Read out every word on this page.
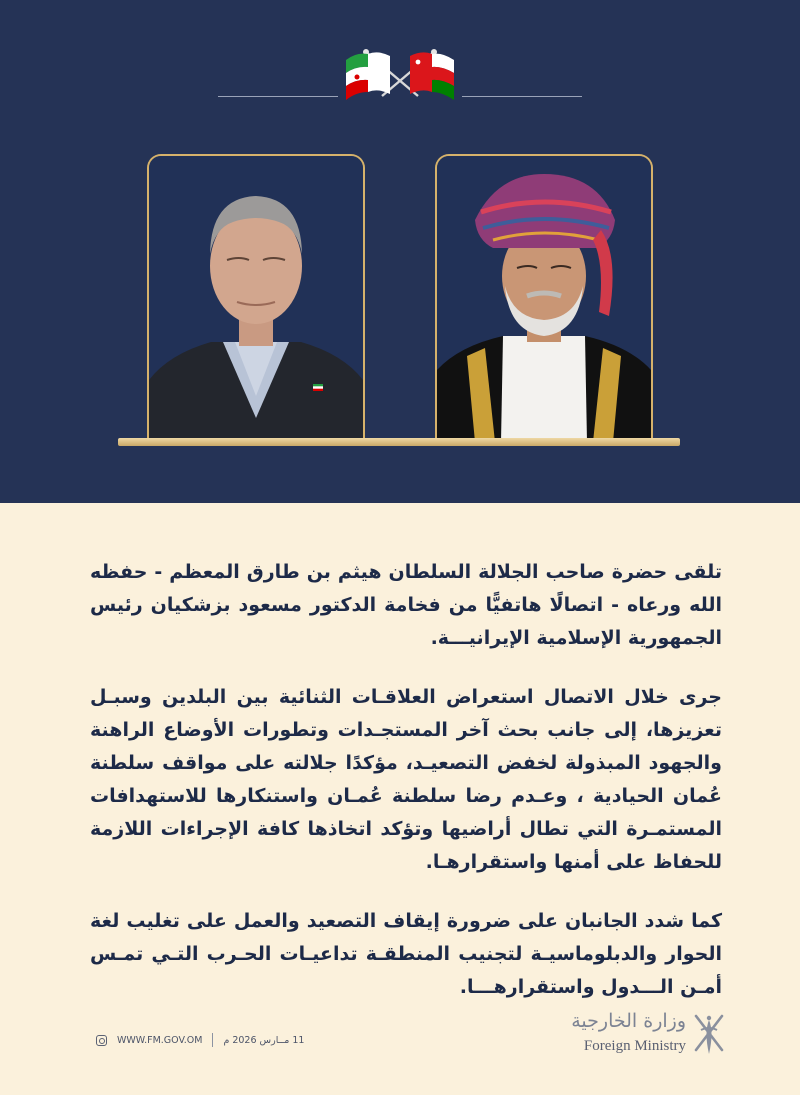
تلقى حضرة صاحب الجلالة السلطان هيثم بن طارق المعظم - حفظه الله ورعاه - اتصالًا هاتفيًّا من فخامة الدكتور مسعود بزشكيان رئيس الجمهورية الإسلامية الإيرانيـــة.

جرى خلال الاتصال استعراض العلاقـات الثنائية بين البلدين وسبـل تعزيزها، إلى جانب بحث آخر المستجـدات وتطورات الأوضاع الراهنة والجهود المبذولة لخفض التصعيـد، مؤكدًا جلالته على مواقف سلطنة عُمان الحيادية ، وعـدم رضا سلطنة عُمـان واستنكارها للاستهدافات المستمـرة التي تطال أراضيها وتؤكد اتخاذها كافة الإجراءات اللازمة للحفاظ على أمنها واستقرارهـا.

كما شدد الجانبان على ضرورة إيقاف التصعيد والعمل على تغليب لغة الحوار والدبلوماسيـة لتجنيب المنطقـة تداعيـات الحـرب التـي تمـس أمـن الـــدول واستقرارهـــا.

WWW.FM.GOV.OM 11 مــارس 2026 م
وزارة الخارجية
Foreign Ministry
